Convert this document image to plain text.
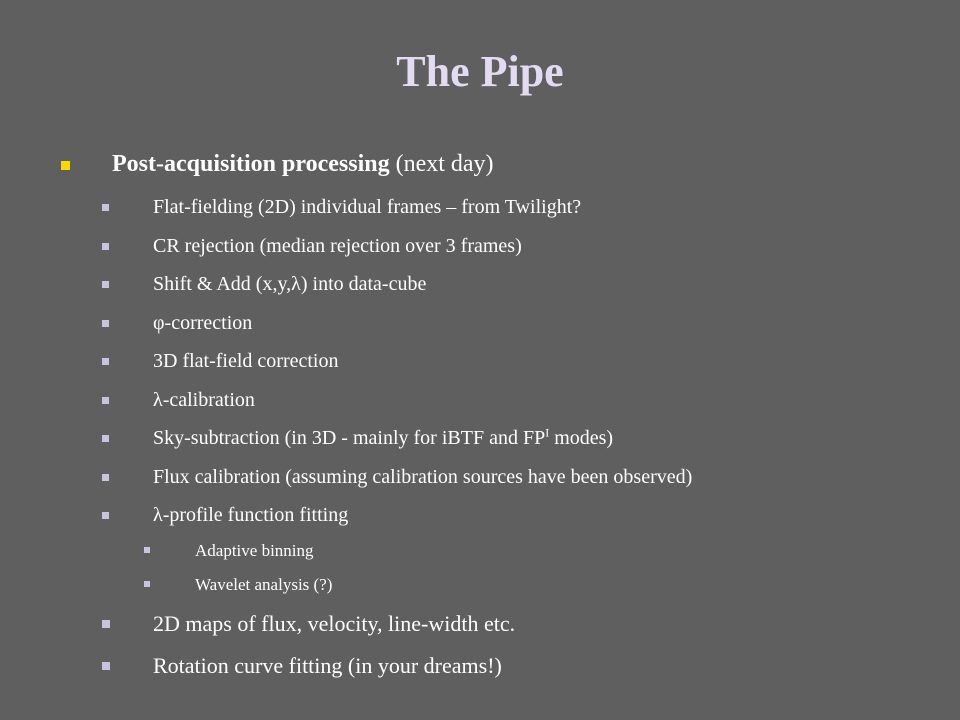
The Pipe
Post-acquisition processing (next day)
Flat-fielding (2D) individual frames – from Twilight?
CR rejection (median rejection over 3 frames)
Shift & Add (x,y,λ) into data-cube
φ-correction
3D flat-field correction
λ-calibration
Sky-subtraction (in 3D - mainly for iBTF and $FP^I$ modes)
Flux calibration (assuming calibration sources have been observed)
λ-profile function fitting
Adaptive binning
Wavelet analysis (?)
2D maps of flux, velocity, line-width etc.
Rotation curve fitting (in your dreams!)
